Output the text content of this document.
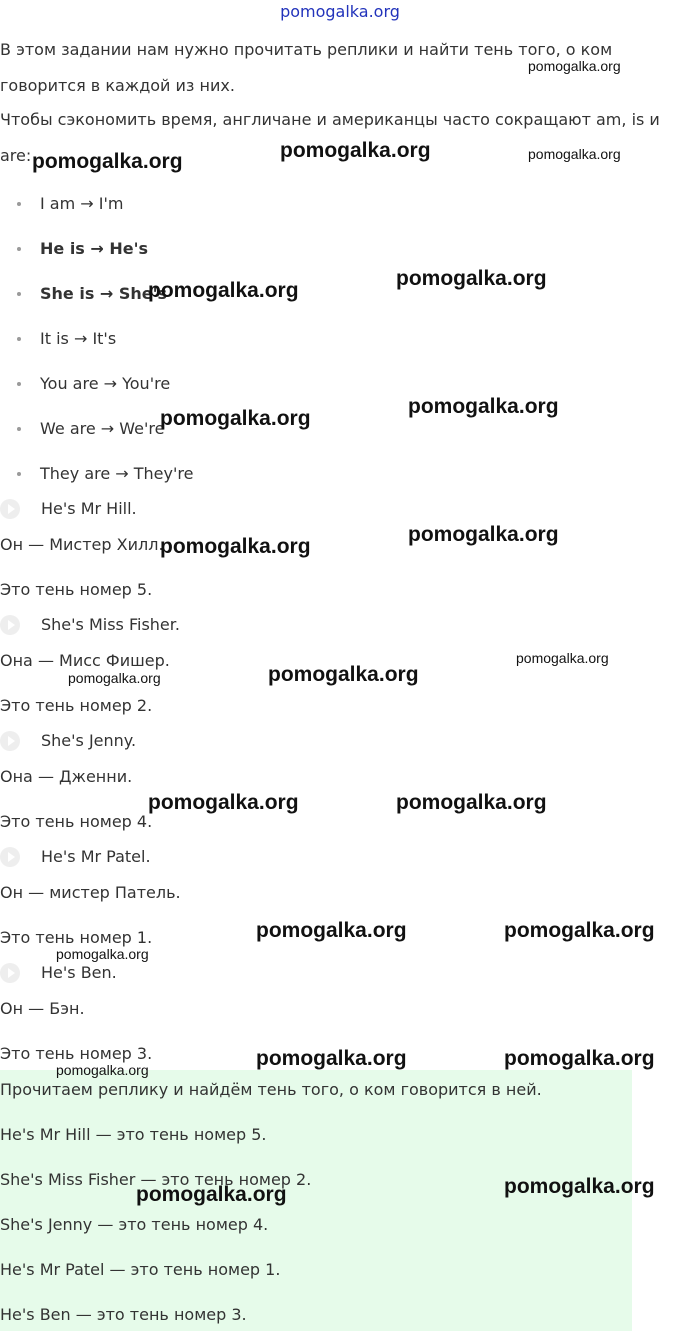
pomogalka.org
В этом задании нам нужно прочитать реплики и найти тень того, о ком говорится в каждой из них.
Чтобы сэкономить время, англичане и американцы часто сокращают am, is и are:
I am → I'm
He is → He's
She is → She's
It is → It's
You are → You're
We are → We're
They are → They're
He's Mr Hill.
Он — Мистер Хилл.
Это тень номер 5.
She's Miss Fisher.
Она — Мисс Фишер.
Это тень номер 2.
She's Jenny.
Она — Дженни.
Это тень номер 4.
He's Mr Patel.
Он — мистер Патель.
Это тень номер 1.
He's Ben.
Он — Бэн.
Это тень номер 3.
Прочитаем реплику и найдём тень того, о ком говорится в ней.
He's Mr Hill — это тень номер 5.
She's Miss Fisher — это тень номер 2.
She's Jenny — это тень номер 4.
He's Mr Patel — это тень номер 1.
He's Ben — это тень номер 3.
pomogalka.org
pomogalka.org	pomogalka.org	pomogalka.org
pomogalka.org
pomogalka.org
pomogalka.org
pomogalka.org
pomogalka.org
pomogalka.org
pomogalka.org
pomogalka.org	pomogalka.org
pomogalka.org	pomogalka.org
pomogalka.org	pomogalka.org
pomogalka.org
pomogalka.org	pomogalka.org	pomogalka.org
pomogalka.org	pomogalka.org
